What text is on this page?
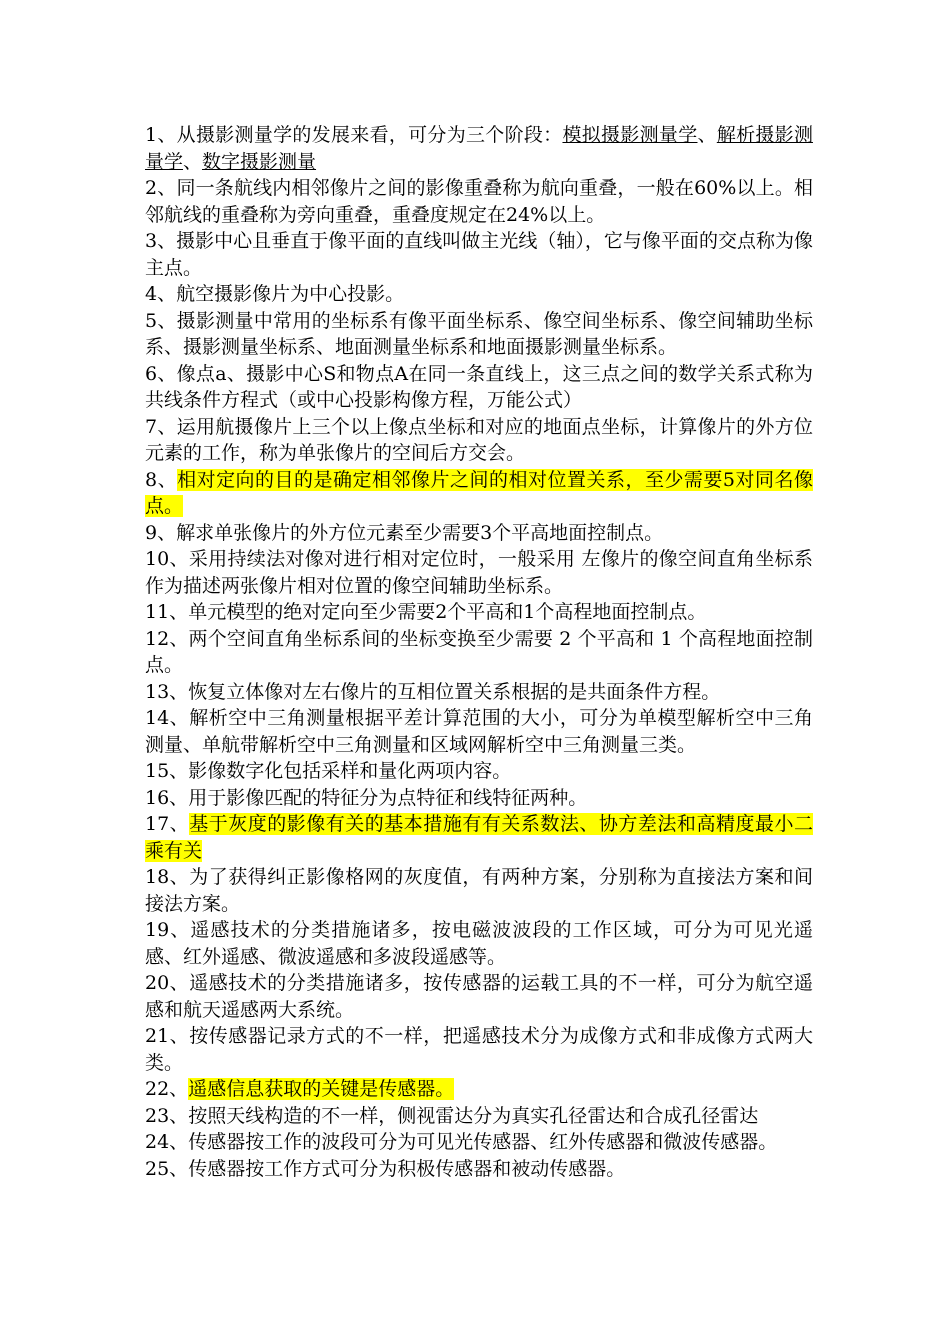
1、从摄影测量学的发展来看，可分为三个阶段：模拟摄影测量学、解析摄影测量学、数字摄影测量

2、同一条航线内相邻像片之间的影像重叠称为航向重叠，一般在60%以上。相邻航线的重叠称为旁向重叠，重叠度规定在24%以上。

3、摄影中心且垂直于像平面的直线叫做主光线（轴），它与像平面的交点称为像主点。

4、航空摄影像片为中心投影。

5、摄影测量中常用的坐标系有像平面坐标系、像空间坐标系、像空间辅助坐标系、摄影测量坐标系、地面测量坐标系和地面摄影测量坐标系。

6、像点a、摄影中心S和物点A在同一条直线上，这三点之间的数学关系式称为共线条件方程式（或中心投影构像方程，万能公式）

7、运用航摄像片上三个以上像点坐标和对应的地面点坐标，计算像片的外方位元素的工作，称为单张像片的空间后方交会。

8、相对定向的目的是确定相邻像片之间的相对位置关系，至少需要5对同名像点。

9、解求单张像片的外方位元素至少需要3个平高地面控制点。

10、采用持续法对像对进行相对定位时，一般采用 左像片的像空间直角坐标系作为描述两张像片相对位置的像空间辅助坐标系。

11、单元模型的绝对定向至少需要2个平高和1个高程地面控制点。

12、两个空间直角坐标系间的坐标变换至少需要 2 个平高和 1 个高程地面控制点。

13、恢复立体像对左右像片的互相位置关系根据的是共面条件方程。

14、解析空中三角测量根据平差计算范围的大小，可分为单模型解析空中三角测量、单航带解析空中三角测量和区域网解析空中三角测量三类。

15、影像数字化包括采样和量化两项内容。

16、用于影像匹配的特征分为点特征和线特征两种。

17、基于灰度的影像有关的基本措施有有关系数法、协方差法和高精度最小二乘有关

18、为了获得纠正影像格网的灰度值，有两种方案，分别称为直接法方案和间接法方案。

19、遥感技术的分类措施诸多，按电磁波波段的工作区域，可分为可见光遥感、红外遥感、微波遥感和多波段遥感等。

20、遥感技术的分类措施诸多，按传感器的运载工具的不一样，可分为航空遥感和航天遥感两大系统。

21、按传感器记录方式的不一样，把遥感技术分为成像方式和非成像方式两大类。

22、遥感信息获取的关键是传感器。

23、按照天线构造的不一样，侧视雷达分为真实孔径雷达和合成孔径雷达

24、传感器按工作的波段可分为可见光传感器、红外传感器和微波传感器。

25、传感器按工作方式可分为积极传感器和被动传感器。
